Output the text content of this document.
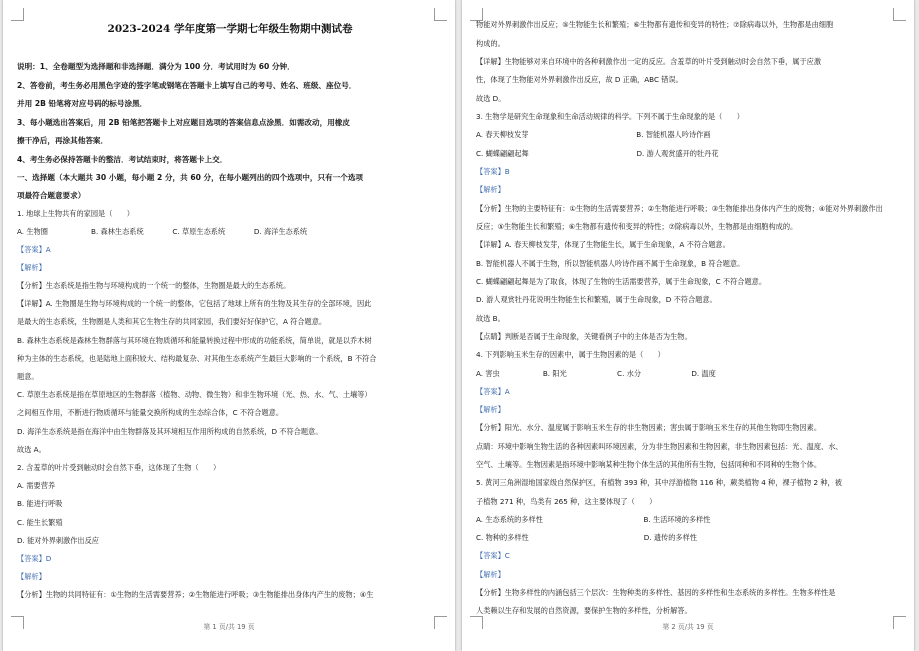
2023-2024 学年度第一学期七年级生物期中测试卷
说明：1、全卷题型为选择题和非选择题．满分为 100 分．考试用时为 60 分钟．
2、答卷前，考生务必用黑色字迹的签字笔或钢笔在答题卡上填写自己的考号、姓名、班级、座位号．
并用 2B 铅笔将对应号码的标号涂黑．
3、每小题选出答案后，用 2B 铅笔把答题卡上对应题目选项的答案信息点涂黑．如需改动，用橡皮
擦干净后，再涂其他答案．
4、考生务必保持答题卡的整洁．考试结束时，将答题卡上交．
一、选择题（本大题共 30 小题，每小题 2 分，共 60 分，在每小题列出的四个选项中，只有一个选项
项最符合题意要求）
1. 地球上生物共有的家园是（　　）
A. 生物圈　　　　　　B. 森林生态系统　　　　C. 草原生态系统　　　　D. 海洋生态系统
【答案】A
【解析】
【分析】生态系统是指生物与环境构成的一个统一的整体，生物圈是最大的生态系统。
【详解】A. 生物圈是生物与环境构成的一个统一的整体，它包括了地球上所有的生物及其生存的全部环境，因此
是最大的生态系统，生物圈是人类和其它生物生存的共同家园，我们要好好保护它，A 符合题意。
B. 森林生态系统是森林生物群落与其环境在物质循环和能量转换过程中形成的功能系统，简单说，就是以乔木树
种为主体的生态系统，也是陆地上面积较大、结构最复杂、对其他生态系统产生最巨大影响的一个系统，B 不符合
题意。
C. 草原生态系统是指在草原地区的生物群落（植物、动物、微生物）和非生物环境（光、热、水、气、土壤等）
之间相互作用，不断进行物质循环与能量交换所构成的生态综合体，C 不符合题意。
D. 海洋生态系统是指在海洋中由生物群落及其环境相互作用所构成的自然系统，D 不符合题意。
故选 A。
2. 含羞草的叶片受到触动时会自然下垂，这体现了生物（　　）
A. 需要营养
B. 能进行呼吸
C. 能生长繁殖
D. 能对外界刺激作出反应
【答案】D
【解析】
【分析】生物的共同特征有：①生物的生活需要营养；②生物能进行呼吸；③生物能排出身体内产生的废物；④生
第 1 页/共 19 页
物能对外界刺激作出反应；⑤生物能生长和繁殖；⑥生物都有遗传和变异的特性；⑦除病毒以外，生物都是由细胞
构成的。
【详解】生物能够对来自环境中的各种刺激作出一定的反应。含羞草的叶片受到触动时会自然下垂，属于应激
性，体现了生物能对外界刺激作出反应，故 D 正确，ABC 错误。
故选 D。
3. 生物学是研究生命现象和生命活动规律的科学。下列不属于生命现象的是（　　）
A. 春天柳枝发芽　　　　　　　　　　　　　　　B. 智能机器人吟诗作画
C. 蝴蝶翩翩起舞　　　　　　　　　　　　　　　D. 游人观赏盛开的牡丹花
【答案】B
【解析】
【分析】生物的主要特征有：①生物的生活需要营养；②生物能进行呼吸；③生物能排出身体内产生的废物；④能对外界刺激作出
反应；⑤生物能生长和繁殖；⑥生物都有遗传和变异的特性；⑦除病毒以外，生物都是由细胞构成的。
【详解】A. 春天柳枝发芽，体现了生物能生长，属于生命现象，A 不符合题意。
B. 智能机器人不属于生物，所以智能机器人吟诗作画不属于生命现象，B 符合题意。
C. 蝴蝶翩翩起舞是为了取食，体现了生物的生活需要营养，属于生命现象，C 不符合题意。
D. 游人观赏牡丹花说明生物能生长和繁殖，属于生命现象，D 不符合题意。
故选 B。
【点睛】判断是否属于生命现象，关键看例子中的主体是否为生物。
4. 下列影响玉米生存的因素中，属于生物因素的是（　　）
A. 害虫　　　　　　B. 阳光　　　　　　　C. 水分　　　　　　　D. 温度
【答案】A
【解析】
【分析】阳光、水分、温度属于影响玉米生存的非生物因素；害虫属于影响玉米生存的其他生物即生物因素。
点睛：环境中影响生物生活的各种因素叫环境因素，分为非生物因素和生物因素，非生物因素包括：光、温度、水、
空气、土壤等。生物因素是指环境中影响某种生物个体生活的其他所有生物，包括同种和不同种的生物个体。
5. 黄河三角洲湿地国家级自然保护区，有植物 393 种，其中浮游植物 116 种，蕨类植物 4 种，裸子植物 2 种，被
子植物 271 种，鸟类有 265 种，这主要体现了（　　）
A. 生态系统的多样性　　　　　　　　　　　　　　B. 生活环境的多样性
C. 物种的多样性　　　　　　　　　　　　　　　　D. 遗传的多样性
【答案】C
【解析】
【分析】生物多样性的内涵包括三个层次：生物种类的多样性、基因的多样性和生态系统的多样性。生物多样性是
人类赖以生存和发展的自然资源，要保护生物的多样性，分析解答。
第 2 页/共 19 页
